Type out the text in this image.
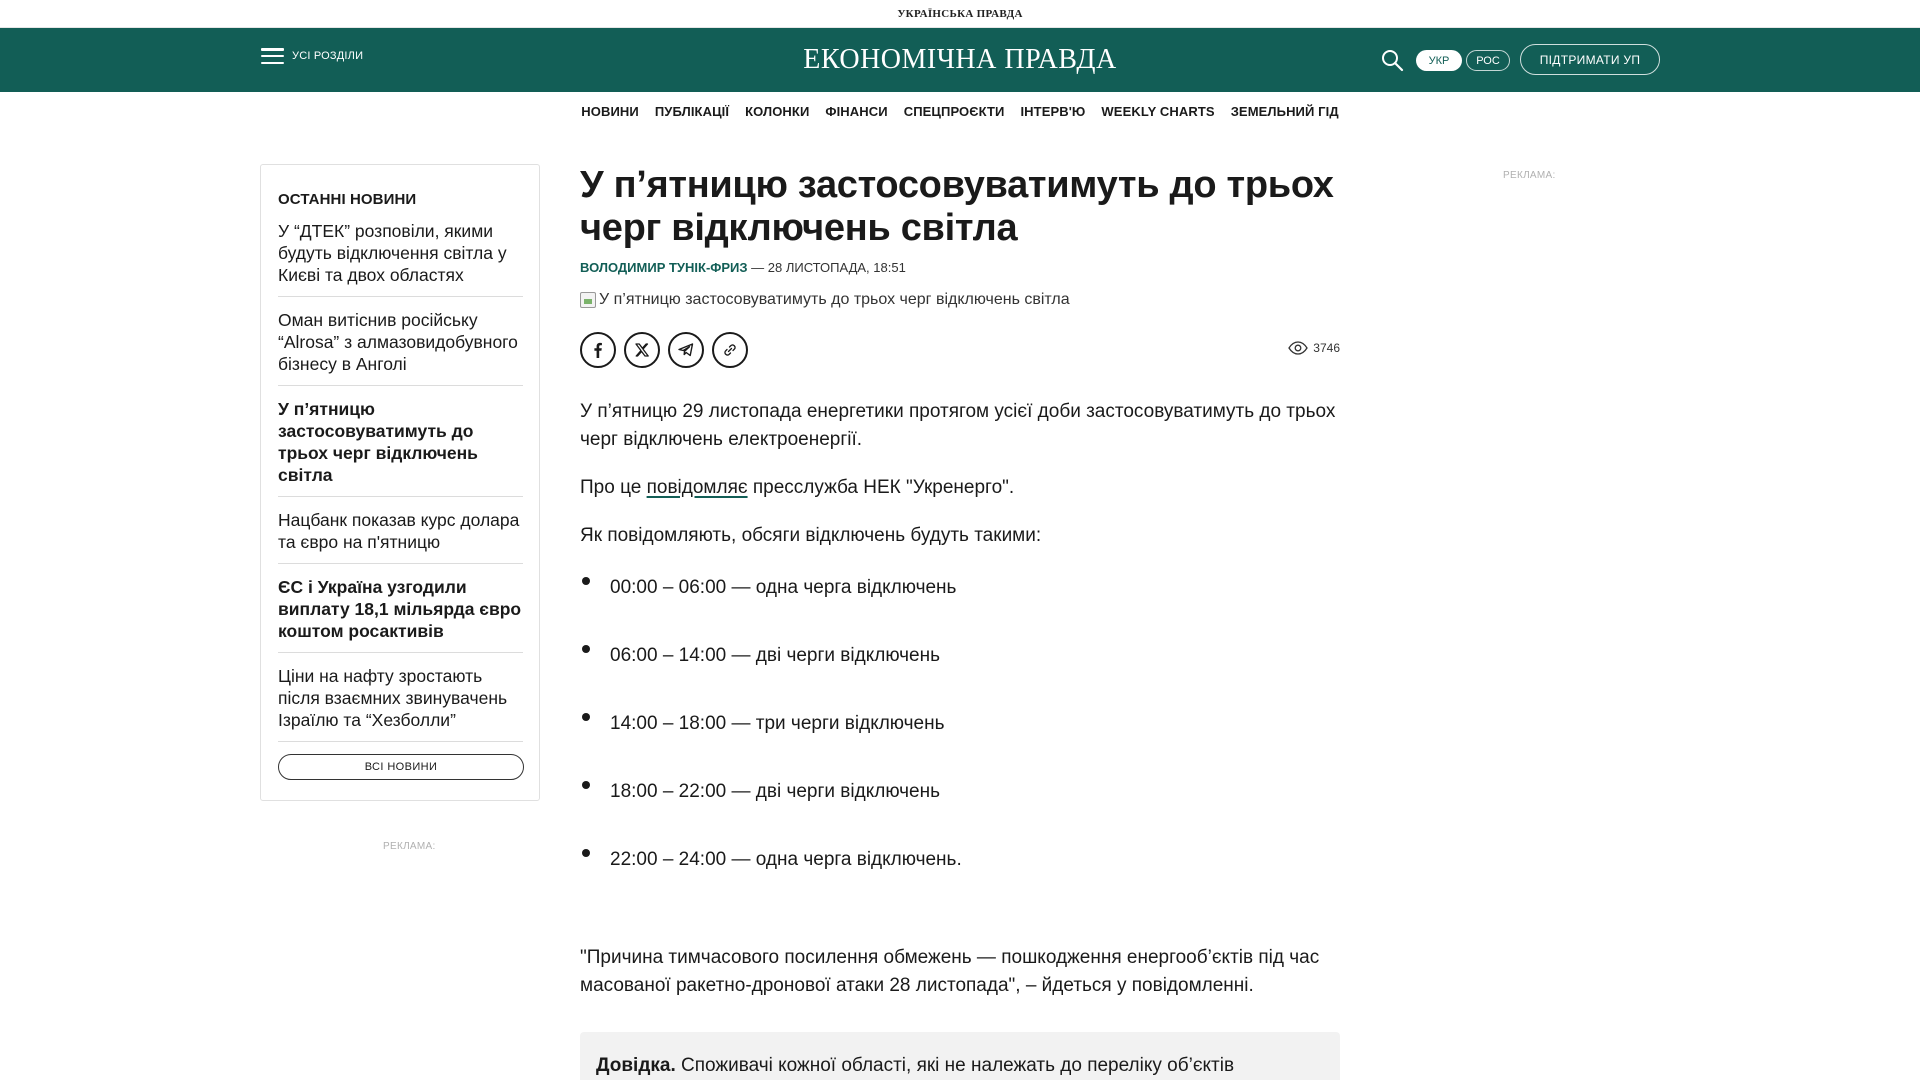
УКРАЇНСЬКА ПРАВДА
УСІ РОЗДІЛИ	ЕКОНОМІЧНА ПРАВДА	УКР	РОС	ПІДТРИМАТИ УП
НОВИНИ ПУБЛІКАЦІЇ КОЛОНКИ ФІНАНСИ СПЕЦПРОЄКТИ ІНТЕРВ'Ю WEEKLY CHARTS ЗЕМЕЛЬНИЙ ГІД
ОСТАННІ НОВИНИ
У “ДТЕК” розповіли, якими будуть відключення світла у Києві та двох областях
Оман витіснив російську “Alrosa” з алмазовидобувного бізнесу в Анголі
У п’ятницю застосовуватимуть до трьох черг відключень світла
Нацбанк показав курс долара та євро на п'ятницю
ЄС і Україна узгодили виплату 18,1 мільярда євро коштом росактивів
Ціни на нафту зростають після взаємних звинувачень Ізраїлю та “Хезболли”
ВСІ НОВИНИ
РЕКЛАМА:
РЕКЛАМА:
У п’ятницю застосовуватимуть до трьох черг відключень світла
ВОЛОДИМИР ТУНІК-ФРИЗ — 28 ЛИСТОПАДА, 18:51
У п’ятницю застосовуватимуть до трьох черг відключень світла
3746

У п’ятницю 29 листопада енергетики протягом усієї доби застосовуватимуть до трьох черг відключень електроенергії.

Про це повідомляє пресслужба НЕК "Укренерго".

Як повідомляють, обсяги відключень будуть такими:

00:00 – 06:00 — одна черга відключень
06:00 – 14:00 — дві черги відключень
14:00 – 18:00 — три черги відключень
18:00 – 22:00 — дві черги відключень
22:00 – 24:00 — одна черга відключень.
"Причина тимчасового посилення обмежень — пошкодження енергооб’єктів під час масованої ракетно-дронової атаки 28 листопада", – йдеться у повідомленні.
Довідка. Споживачі кожної області, які не належать до переліку об’єктів
